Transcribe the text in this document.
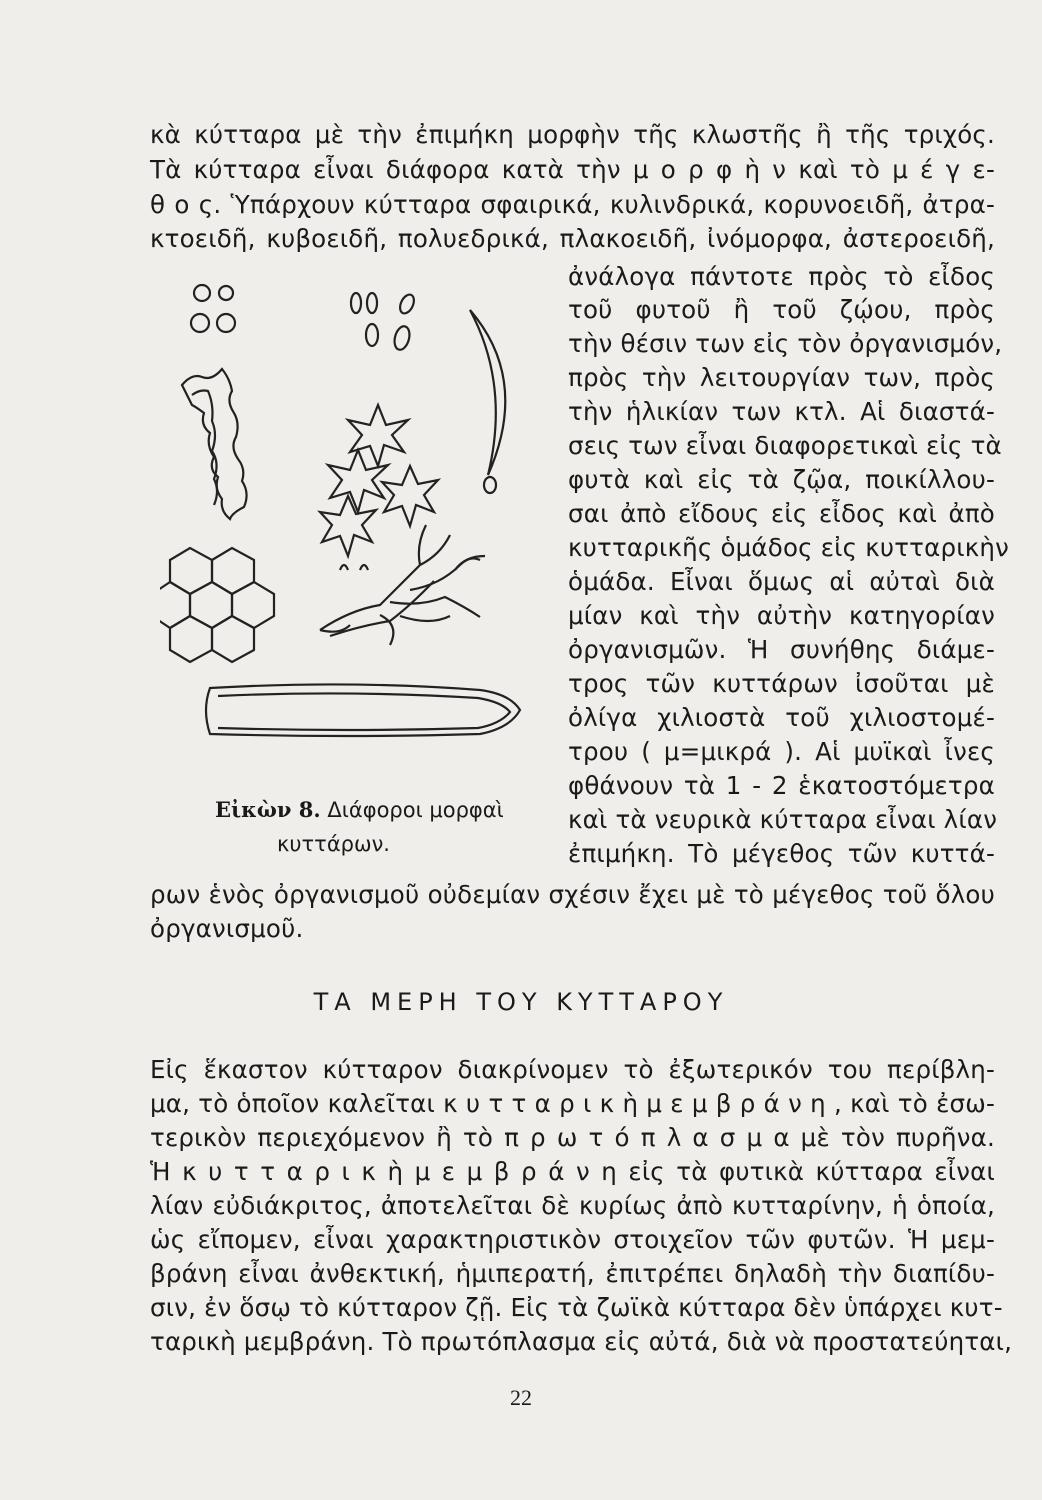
κὰ κύτταρα μὲ τὴν ἐπιμήκη μορφὴν τῆς κλωστῆς ἢ τῆς τριχός.
Τὰ κύτταρα εἶναι διάφορα κατὰ τὴν μ ο ρ φ ὴ ν καὶ τὸ μ έ γ ε-
θ ο ς. Ὑπάρχουν κύτταρα σφαιρικά, κυλινδρικά, κορυνοειδῆ, ἀτρα-
κτοειδῆ, κυβοειδῆ, πολυεδρικά, πλακοειδῆ, ἰνόμορφα, ἀστεροειδῆ,
ἀνάλογα πάντοτε πρὸς τὸ εἶδος
τοῦ φυτοῦ ἢ τοῦ ζῴου, πρὸς
τὴν θέσιν των εἰς τὸν ὀργανισμόν,
πρὸς τὴν λειτουργίαν των, πρὸς
τὴν ἡλικίαν των κτλ. Αἱ διαστά-
σεις των εἶναι διαφορετικαὶ εἰς τὰ
φυτὰ καὶ εἰς τὰ ζῷα, ποικίλλου-
σαι ἀπὸ εἴδους εἰς εἶδος καὶ ἀπὸ
κυτταρικῆς ὁμάδος εἰς κυτταρικὴν
ὁμάδα. Εἶναι ὅμως αἱ αὐταὶ διὰ
μίαν καὶ τὴν αὐτὴν κατηγορίαν
ὀργανισμῶν. Ἡ συνήθης διάμε-
τρος τῶν κυττάρων ἰσοῦται μὲ
ὀλίγα χιλιοστὰ τοῦ χιλιοστομέ-
τρου ( μ=μικρά ). Αἱ μυϊκαὶ ἶνες
φθάνουν τὰ 1 - 2 ἑκατοστόμετρα
καὶ τὰ νευρικὰ κύτταρα εἶναι λίαν
ἐπιμήκη. Τὸ μέγεθος τῶν κυττά-
ρων ἑνὸς ὀργανισμοῦ οὐδεμίαν σχέσιν ἔχει μὲ τὸ μέγεθος τοῦ ὅλου
ὀργανισμοῦ.
Εἰκὼν 8. Διάφοροι μορφαὶ
κυττάρων.
ΤΑ ΜΕΡΗ ΤΟΥ ΚΥΤΤΑΡΟΥ
Εἰς ἕκαστον κύτταρον διακρίνομεν τὸ ἐξωτερικόν του περίβλη-
μα, τὸ ὁποῖον καλεῖται κ υ τ τ α ρ ι κ ὴ μ ε μ β ρ ά ν η , καὶ τὸ ἐσω-
τερικὸν περιεχόμενον ἢ τὸ π ρ ω τ ό π λ α σ μ α μὲ τὸν πυρῆνα.
Ἡ κ υ τ τ α ρ ι κ ὴ μ ε μ β ρ ά ν η εἰς τὰ φυτικὰ κύτταρα εἶναι
λίαν εὐδιάκριτος, ἀποτελεῖται δὲ κυρίως ἀπὸ κυτταρίνην, ἡ ὁποία,
ὡς εἴπομεν, εἶναι χαρακτηριστικὸν στοιχεῖον τῶν φυτῶν. Ἡ μεμ-
βράνη εἶναι ἀνθεκτική, ἡμιπερατή, ἐπιτρέπει δηλαδὴ τὴν διαπίδυ-
σιν, ἐν ὅσῳ τὸ κύτταρον ζῇ. Εἰς τὰ ζωϊκὰ κύτταρα δὲν ὑπάρχει κυτ-
ταρικὴ μεμβράνη. Τὸ πρωτόπλασμα εἰς αὐτά, διὰ νὰ προστατεύηται,
22
